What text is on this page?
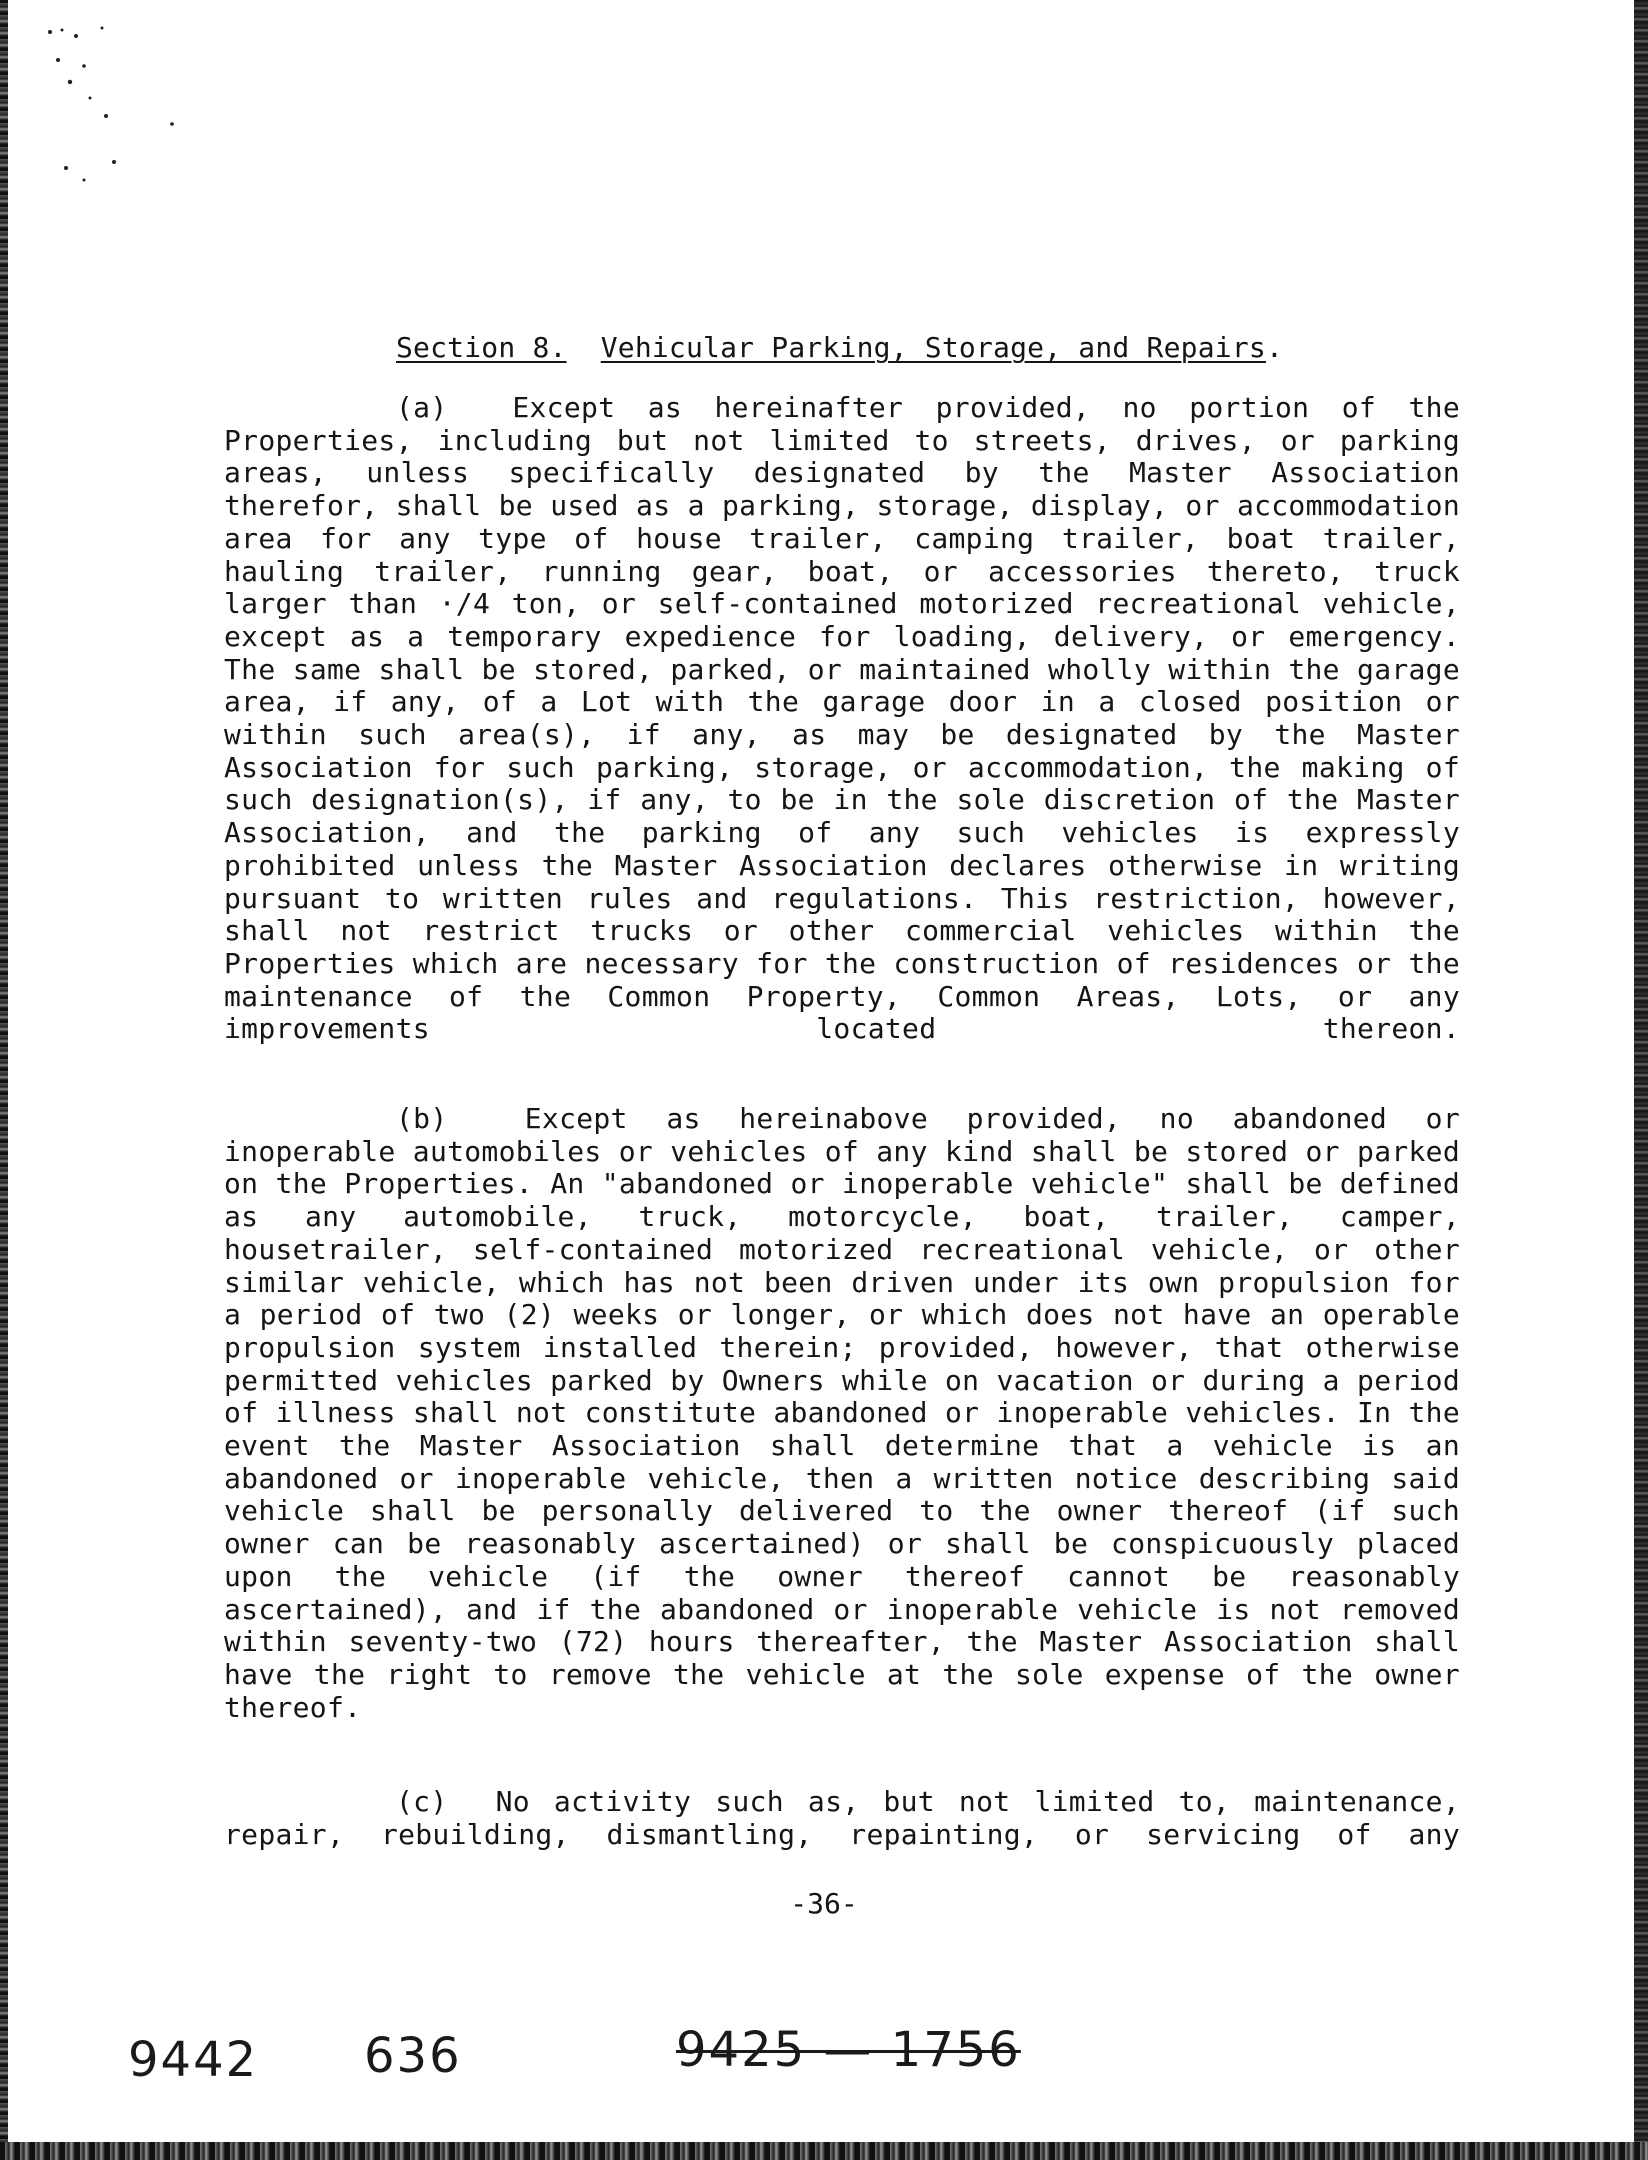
Section 8. Vehicular Parking, Storage, and Repairs.
(a) Except as hereinafter provided, no portion of the Properties, including but not limited to streets, drives, or parking areas, unless specifically designated by the Master Association therefor, shall be used as a parking, storage, display, or accommodation area for any type of house trailer, camping trailer, boat trailer, hauling trailer, running gear, boat, or accessories thereto, truck larger than ·/4 ton, or self-contained motorized recreational vehicle, except as a temporary expedience for loading, delivery, or emergency. The same shall be stored, parked, or maintained wholly within the garage area, if any, of a Lot with the garage door in a closed position or within such area(s), if any, as may be designated by the Master Association for such parking, storage, or accommodation, the making of such designation(s), if any, to be in the sole discretion of the Master Association, and the parking of any such vehicles is expressly prohibited unless the Master Association declares otherwise in writing pursuant to written rules and regulations. This restriction, however, shall not restrict trucks or other commercial vehicles within the Properties which are necessary for the construction of residences or the maintenance of the Common Property, Common Areas, Lots, or any improvements located thereon.
(b)	Except as hereinabove provided, no abandoned or inoperable automobiles or vehicles of any kind shall be stored or parked on the Properties. An "abandoned or inoperable vehicle" shall be defined as any automobile, truck, motorcycle, boat, trailer, camper, housetrailer, self-contained motorized recreational vehicle, or other similar vehicle, which has not been driven under its own propulsion for a period of two (2) weeks or longer, or which does not have an operable propulsion system installed therein; provided, however, that otherwise permitted vehicles parked by Owners while on vacation or during a period of illness shall not constitute abandoned or inoperable vehicles. In the event the Master Association shall determine that a vehicle is an abandoned or inoperable vehicle, then a written notice describing said vehicle shall be personally delivered to the owner thereof (if such owner can be reasonably ascertained) or shall be conspicuously placed upon the vehicle (if the owner thereof cannot be reasonably ascertained), and if the abandoned or inoperable vehicle is not removed within seventy-two (72) hours thereafter, the Master Association shall have the right to remove the vehicle at the sole expense of the owner thereof.
(c) No activity such as, but not limited to, maintenance, repair, rebuilding, dismantling, repainting, or servicing of any
-36-
9442 636	9425 — 1756
